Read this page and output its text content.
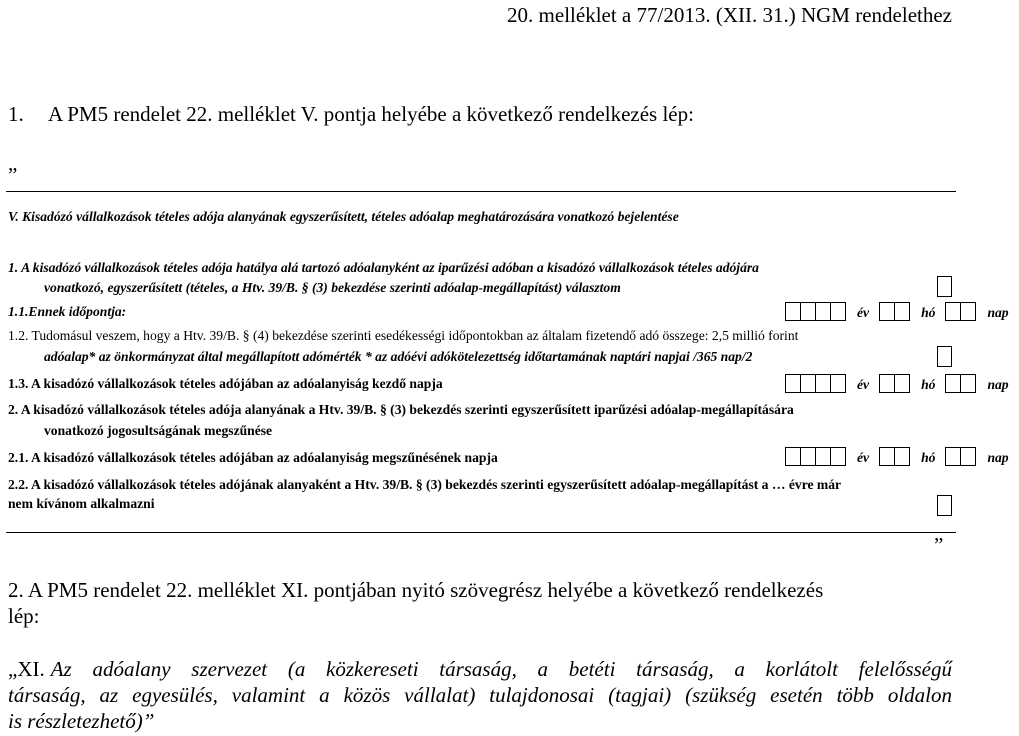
20. melléklet a 77/2013. (XII. 31.) NGM rendelethez
1. A PM5 rendelet 22. melléklet V. pontja helyébe a következő rendelkezés lép:
„
V. Kisadózó vállalkozások tételes adója alanyának egyszerűsített, tételes adóalap meghatározására vonatkozó bejelentése
1. A kisadózó vállalkozások tételes adója hatálya alá tartozó adóalanyként az iparűzési adóban a kisadózó vállalkozások tételes adójára
vonatkozó, egyszerűsített (tételes, a Htv. 39/B. § (3) bekezdése szerinti adóalap-megállapítást) választom
1.1.Ennek időpontja:	év	hó	nap
1.2. Tudomásul veszem, hogy a Htv. 39/B. § (4) bekezdése szerinti esedékességi időpontokban az általam fizetendő adó összege: 2,5 millió forint
adóalap* az önkormányzat által megállapított adómérték * az adóévi adókötelezettség időtartamának naptári napjai /365 nap/2
1.3. A kisadózó vállalkozások tételes adójában az adóalanyiság kezdő napja	év	hó	nap
2. A kisadózó vállalkozások tételes adója alanyának a Htv. 39/B. § (3) bekezdés szerinti egyszerűsített iparűzési adóalap-megállapítására
vonatkozó jogosultságának megszűnése
2.1. A kisadózó vállalkozások tételes adójában az adóalanyiság megszűnésének napja	év	hó	nap
2.2. A kisadózó vállalkozások tételes adójának alanyaként a Htv. 39/B. § (3) bekezdés szerinti egyszerűsített adóalap-megállapítást a … évre már
nem kívánom alkalmazni
”
2. A PM5 rendelet 22. melléklet XI. pontjában nyitó szövegrész helyébe a következő rendelkezés
lép:
„XI. Az adóalany szervezet (a közkereseti társaság, a betéti társaság, a korlátolt felelősségű
társaság, az egyesülés, valamint a közös vállalat) tulajdonosai (tagjai) (szükség esetén több oldalon
is részletezhető)”
